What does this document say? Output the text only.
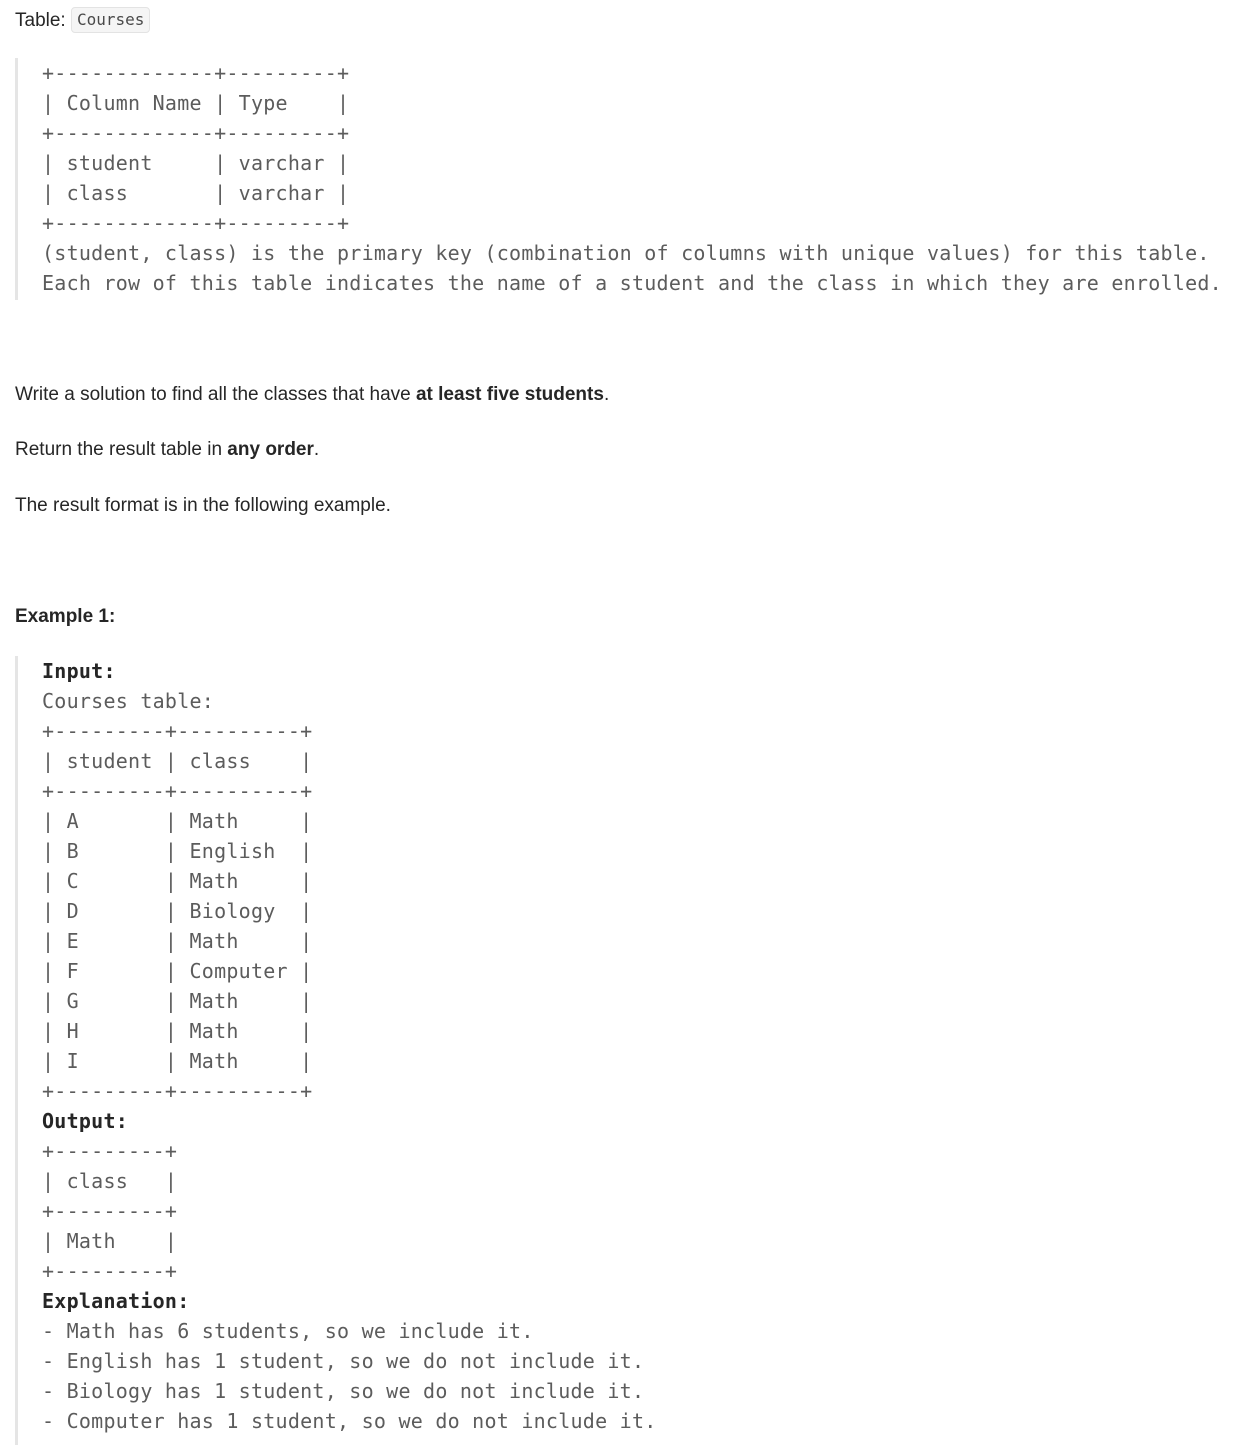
Table: Courses
+-------------+---------+
| Column Name | Type    |
+-------------+---------+
| student     | varchar |
| class       | varchar |
+-------------+---------+
(student, class) is the primary key (combination of columns with unique values) for this table.
Each row of this table indicates the name of a student and the class in which they are enrolled.
Write a solution to find all the classes that have at least five students.
Return the result table in any order.
The result format is in the following example.
Example 1:
Input:
Courses table:
+---------+----------+
| student | class    |
+---------+----------+
| A       | Math     |
| B       | English  |
| C       | Math     |
| D       | Biology  |
| E       | Math     |
| F       | Computer |
| G       | Math     |
| H       | Math     |
| I       | Math     |
+---------+----------+
Output:
+---------+
| class   |
+---------+
| Math    |
+---------+
Explanation:
- Math has 6 students, so we include it.
- English has 1 student, so we do not include it.
- Biology has 1 student, so we do not include it.
- Computer has 1 student, so we do not include it.
